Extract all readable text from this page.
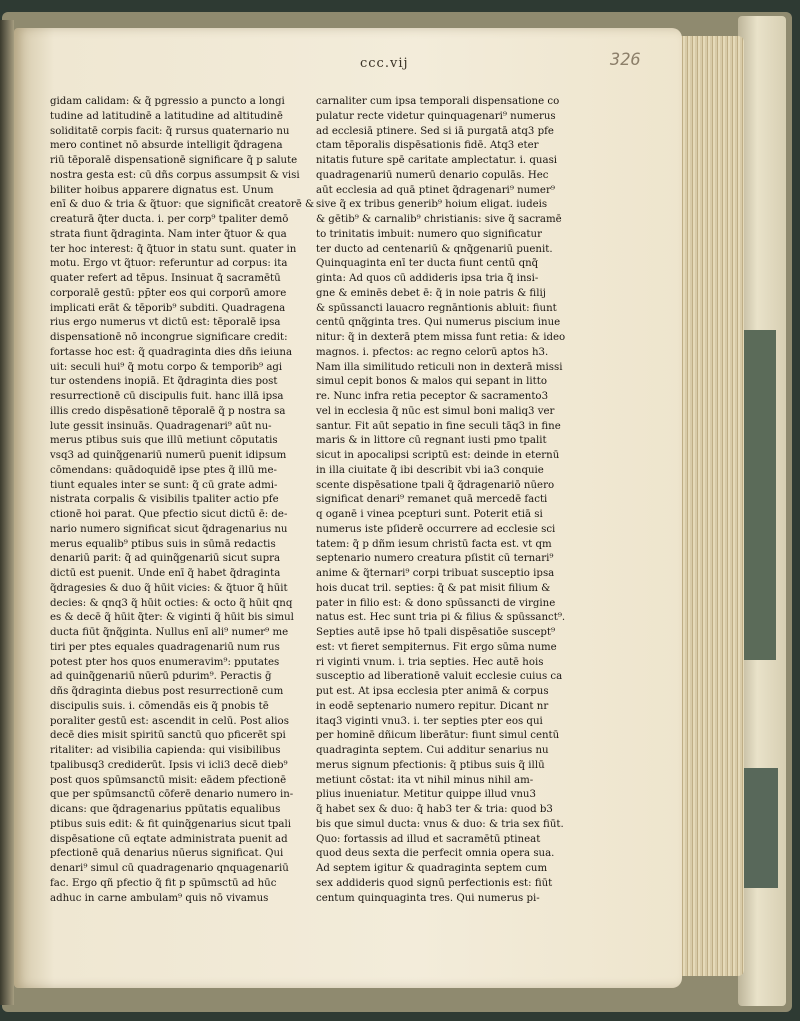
ccc.vij	326
gidam calidam: & q̃ pgressio a puncto a longi
tudine ad latitudinē a latitudine ad altitudinē
soliditatē corpis facit: q̃ rursus quaternario nu
mero continet nō absurde intelligit q̃dragena
riū tēporalē dispensationē significare q̃ p salute
nostra gesta est: cū dñs corpus assumpsit & visi
biliter hoibus apparere dignatus est. Unum
enī & duo & tria & q̃tuor: que significāt creatorē &
creaturā q̃ter ducta. i. per corp⁹ tpaliter demō
strata fiunt q̃draginta. Nam inter q̃tuor & qua
ter hoc interest: q̃ q̃tuor in statu sunt. quater in
motu. Ergo vt q̃tuor: referuntur ad corpus: ita
quater refert ad tēpus. Insinuat q̃ sacramētū
corporalē gestū: pp̄ter eos qui corporū amore
implicati erāt & tēporib⁹ subditi. Quadragena
rius ergo numerus vt dictū est: tēporalē ipsa
dispensationē nō incongrue significare credit:
fortasse hoc est: q̃ quadraginta dies dñs ieiuna
uit: seculi hui⁹ q̃ motu corpo & temporib⁹ agi
tur ostendens inopiā. Et q̃draginta dies post
resurrectionē cū discipulis fuit. hanc illā ipsa
illis credo dispēsationē tēporalē q̃ p nostra sa
lute gessit insinuās. Quadragenari⁹ aūt nu-
merus ptibus suis que illū metiunt cōputatis
vsq3 ad quinq̃genariū numerū puenit idipsum
cōmendans: quādoquidē ipse ptes q̃ illū me-
tiunt equales inter se sunt: q̃ cū grate admi-
nistrata corpalis & visibilis tpaliter actio pfe
ctionē hoi parat. Que pfectio sicut dictū ē: de-
nario numero significat sicut q̃dragenarius nu
merus equalib⁹ ptibus suis in sūmā redactis
denariū parit: q̃ ad quinq̃genariū sicut supra
dictū est puenit. Unde enī q̃ habet q̃draginta
q̃dragesies & duo q̃ hūit vicies: & q̃tuor q̃ hūit
decies: & qnq3 q̃ hūit octies: & octo q̃ hūit qnq
es & decē q̃ hūit q̃ter: & viginti q̃ hūit bis simul
ducta fiūt q̃nq̃ginta. Nullus enī ali⁹ numer⁹ me
tiri per ptes equales quadragenariū num rus
potest pter hos quos enumeravim⁹: pputates
ad quinq̃genariū nūerū pdurim⁹. Peractis ḡ
dñs q̃draginta diebus post resurrectionē cum
discipulis suis. i. cōmendās eis q̃ pnobis tē
poraliter gestū est: ascendit in celū. Post alios
decē dies misit spiritū sanctū quo pficerēt spi
ritaliter: ad visibilia capienda: qui visibilibus
tpalibusq3 crediderūt. Ipsis vi icli3 decē dieb⁹
post quos spūmsanctū misit: eādem pfectionē
que per spūmsanctū cōferē denario numero in-
dicans: que q̃dragenarius ppūtatis equalibus
ptibus suis edit: & fit quinq̃genarius sicut tpali
dispēsatione cū eqtate administrata puenit ad
pfectionē quā denarius nūerus significat. Qui
denari⁹ simul cū quadragenario qnquagenariū
fac. Ergo qñ pfectio q̃ fit p spūmsctū ad hūc
adhuc in carne ambulam⁹ quis nō vivamus
carnaliter cum ipsa temporali dispensatione co
pulatur recte videtur quinquagenari⁹ numerus
ad ecclesiā ptinere. Sed si iā purgatā atq3 pfe
ctam tēporalis dispēsationis fidē. Atq3 eter
nitatis future spē caritate amplectatur. i. quasi
quadragenariū numerū denario copulās. Hec
aūt ecclesia ad quā ptinet q̃dragenari⁹ numer⁹
sive q̃ ex tribus generib⁹ hoium eligat. iudeis
& gētib⁹ & carnalib⁹ christianis: sive q̃ sacramē
to trinitatis imbuit: numero quo significatur
ter ducto ad centenariū & qnq̃genariū puenit.
Quinquaginta enī ter ducta fiunt centū qnq̃
ginta: Ad quos cū addideris ipsa tria q̃ insi-
gne & eminēs debet ē: q̃ in noie patris & filij
& spūssancti lauacro regnāntionis abluit: fiunt
centū qnq̃ginta tres. Qui numerus piscium inue
nitur: q̃ in dexterā ptem missa funt retia: & ideo
magnos. i. pfectos: ac regno celorū aptos h3.
Nam illa similitudo reticuli non in dexterā missi
simul cepit bonos & malos qui sepant in litto
re. Nunc infra retia peceptor & sacramento3
vel in ecclesia q̃ nūc est simul boni maliq3 ver
santur. Fit aūt sepatio in fine seculi tāq3 in fine
maris & in littore cū regnant iusti pmo tpalit
sicut in apocalipsi scriptū est: deinde in eternū
in illa ciuitate q̃ ibi describit vbi ia3 conquie
scente dispēsatione tpali q̃ q̃dragenariō nūero
significat denari⁹ remanet quā mercedē facti
q oganē i vinea pcepturi sunt. Poterit etiā si
numerus iste pſiderē occurrere ad ecclesie sci
tatem: q̃ p dñm iesum christū facta est. vt qm
septenario numero creatura pſistit cū ternari⁹
anime & q̃ternari⁹ corpi tribuat susceptio ipsa
hois ducat tril. septies: q̃ & pat misit filium &
pater in filio est: & dono spūssancti de virgine
natus est. Hec sunt tria pi & filius & spūssanct⁹.
Septies autē ipse hō tpali dispēsatiōe suscept⁹
est: vt fieret sempiternus. Fit ergo sūma nume
ri viginti vnum. i. tria septies. Hec autē hois
susceptio ad liberationē valuit ecclesie cuius ca
put est. At ipsa ecclesia pter animā & corpus
in eodē septenario numero repitur. Dicant nr
itaq3 viginti vnu3. i. ter septies pter eos qui
per hominē dñicum liberātur: fiunt simul centū
quadraginta septem. Cui additur senarius nu
merus signum pfectionis: q̃ ptibus suis q̃ illū
metiunt cōstat: ita vt nihil minus nihil am-
plius inueniatur. Metitur quippe illud vnu3
q̃ habet sex & duo: q̃ hab3 ter & tria: quod b3
bis que simul ducta: vnus & duo: & tria sex fiūt.
Quo: fortassis ad illud et sacramētū ptineat
quod deus sexta die perfecit omnia opera sua.
Ad septem igitur & quadraginta septem cum
sex addideris quod signū perfectionis est: fiūt
centum quinquaginta tres. Qui numerus pi-
